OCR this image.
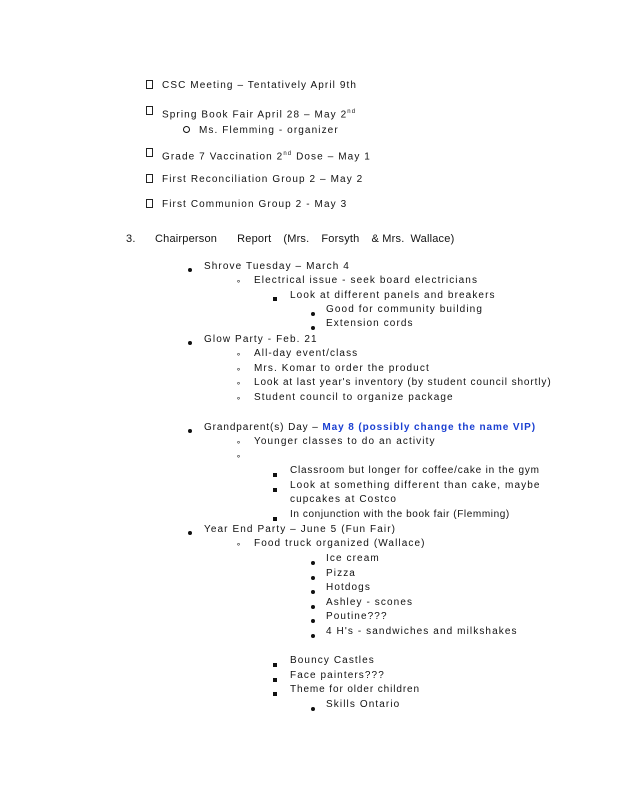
CSC Meeting – Tentatively April 9th
Spring Book Fair April 28 – May 2nd
Ms. Flemming - organizer
Grade 7 Vaccination 2nd Dose – May 1
First Reconciliation Group 2 – May 2
First Communion Group 2 - May 3
3. Chairperson Report (Mrs. Forsyth & Mrs. Wallace)
Shrove Tuesday – March 4
∘ Electrical issue - seek board electricians
Look at different panels and breakers
Good for community building
Extension cords
Glow Party - Feb. 21
∘ All-day event/class
∘ Mrs. Komar to order the product
∘ Look at last year's inventory (by student council shortly)
∘ Student council to organize package
Grandparent(s) Day – May 8 (possibly change the name VIP)
∘ Younger classes to do an activity
∘
Classroom but longer for coffee/cake in the gym
Look at something different than cake, maybe
cupcakes at Costco
In conjunction with the book fair (Flemming)
Year End Party – June 5 (Fun Fair)
∘ Food truck organized (Wallace)
Ice cream
Pizza
Hotdogs
Ashley - scones
Poutine???
4 H's - sandwiches and milkshakes
Bouncy Castles
Face painters???
Theme for older children
Skills Ontario
